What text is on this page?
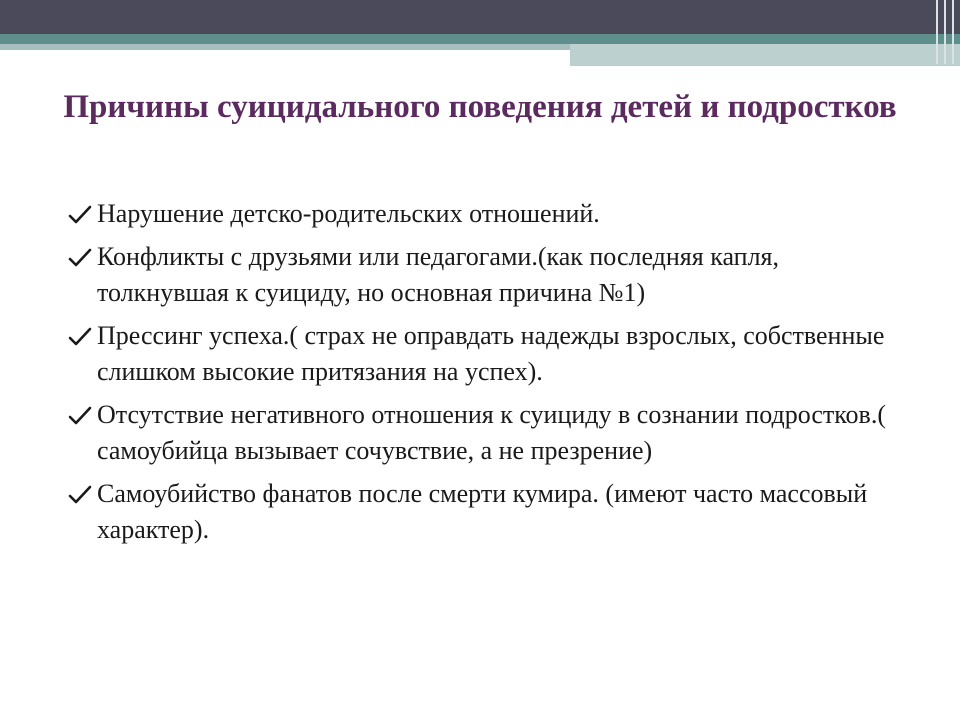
Причины суицидального поведения детей и подростков
Нарушение детско-родительских отношений.
Конфликты с друзьями или педагогами.(как последняя капля, толкнувшая к суициду, но основная причина №1)
Прессинг успеха.( страх не оправдать надежды взрослых, собственные слишком высокие притязания на успех).
Отсутствие негативного отношения к суициду в сознании подростков.( самоубийца вызывает сочувствие, а не презрение)
Самоубийство фанатов после смерти кумира. (имеют часто массовый характер).
